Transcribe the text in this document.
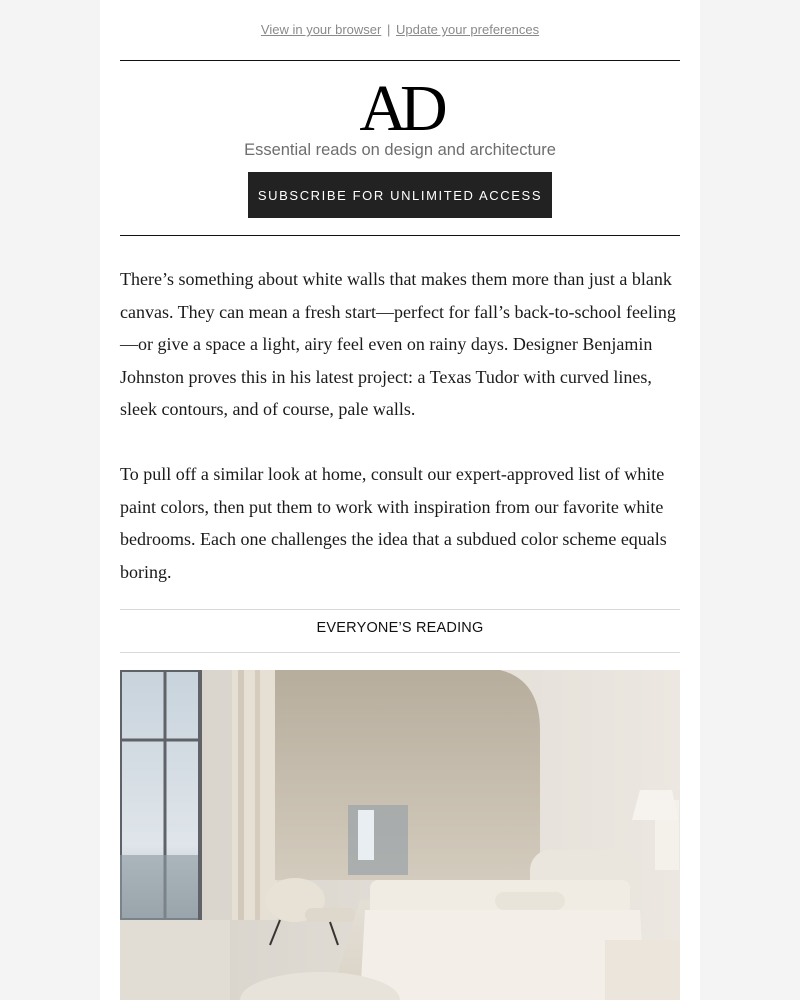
View in your browser | Update your preferences
AD
Essential reads on design and architecture
SUBSCRIBE FOR UNLIMITED ACCESS

There’s something about white walls that makes them more than just a blank canvas. They can mean a fresh start—perfect for fall’s back-to-school feeling—or give a space a light, airy feel even on rainy days. Designer Benjamin Johnston proves this in his latest project: a Texas Tudor with curved lines, sleek contours, and of course, pale walls.

To pull off a similar look at home, consult our expert-approved list of white paint colors, then put them to work with inspiration from our favorite white bedrooms. Each one challenges the idea that a subdued color scheme equals boring.

EVERYONE’S READING
